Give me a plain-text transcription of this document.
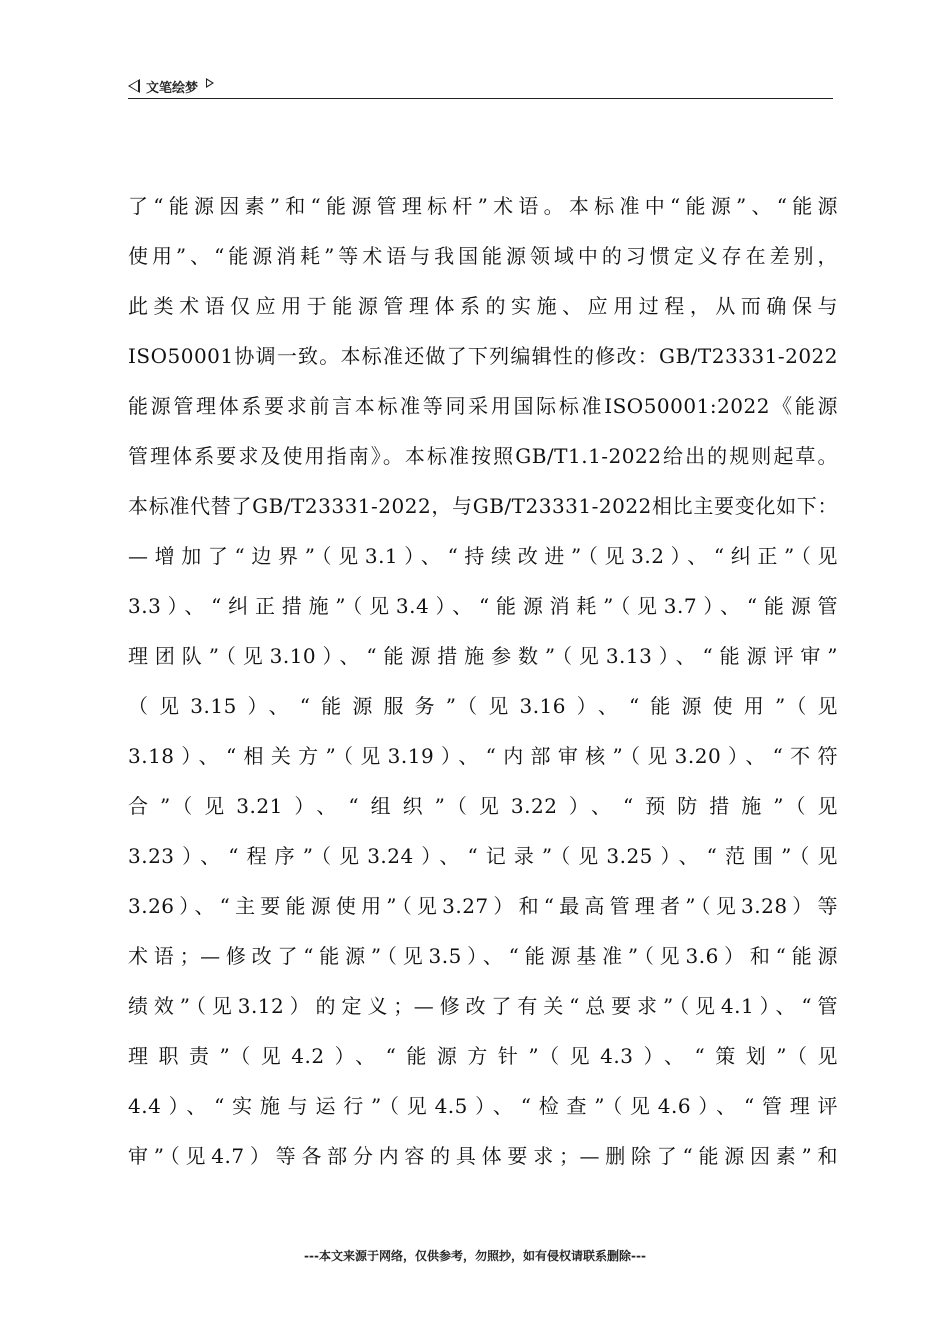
文笔绘梦
了“能源因素”和“能源管理标杆”术语。本标准中“能源”、“能源
使用”、“能源消耗”等术语与我国能源领域中的习惯定义存在差别，
此类术语仅应用于能源管理体系的实施、应用过程，从而确保与
ISO50001协调一致。本标准还做了下列编辑性的修改：GB/T23331-2022
能源管理体系要求前言本标准等同采用国际标准ISO50001:2022《能源
管理体系要求及使用指南》。本标准按照GB/T1.1-2022给出的规则起草。
本标准代替了GB/T23331-2022，与GB/T23331-2022相比主要变化如下：
—增加了“边界”（见3.1）、“持续改进”（见3.2）、“纠正”（见
3.3）、“纠正措施”（见3.4）、“能源消耗”（见3.7）、“能源管
理团队”（见3.10）、“能源措施参数”（见3.13）、“能源评审”
（见3.15）、“能源服务”（见3.16）、“能源使用”（见
3.18）、“相关方”（见3.19）、“内部审核”（见3.20）、“不符
合”（见3.21）、“组织”（见3.22）、“预防措施”（见
3.23）、“程序”（见3.24）、“记录”（见3.25）、“范围”（见
3.26）、“主要能源使用”（见3.27）和“最高管理者”（见3.28）等
术语；—修改了“能源”（见3.5）、“能源基准”（见3.6）和“能源
绩效”（见3.12）的定义；—修改了有关“总要求”（见4.1）、“管
理职责”（见4.2）、“能源方针”（见4.3）、“策划”（见
4.4）、“实施与运行”（见4.5）、“检查”（见4.6）、“管理评
审”（见4.7）等各部分内容的具体要求；—删除了“能源因素”和
---本文来源于网络，仅供参考，勿照抄，如有侵权请联系删除---
